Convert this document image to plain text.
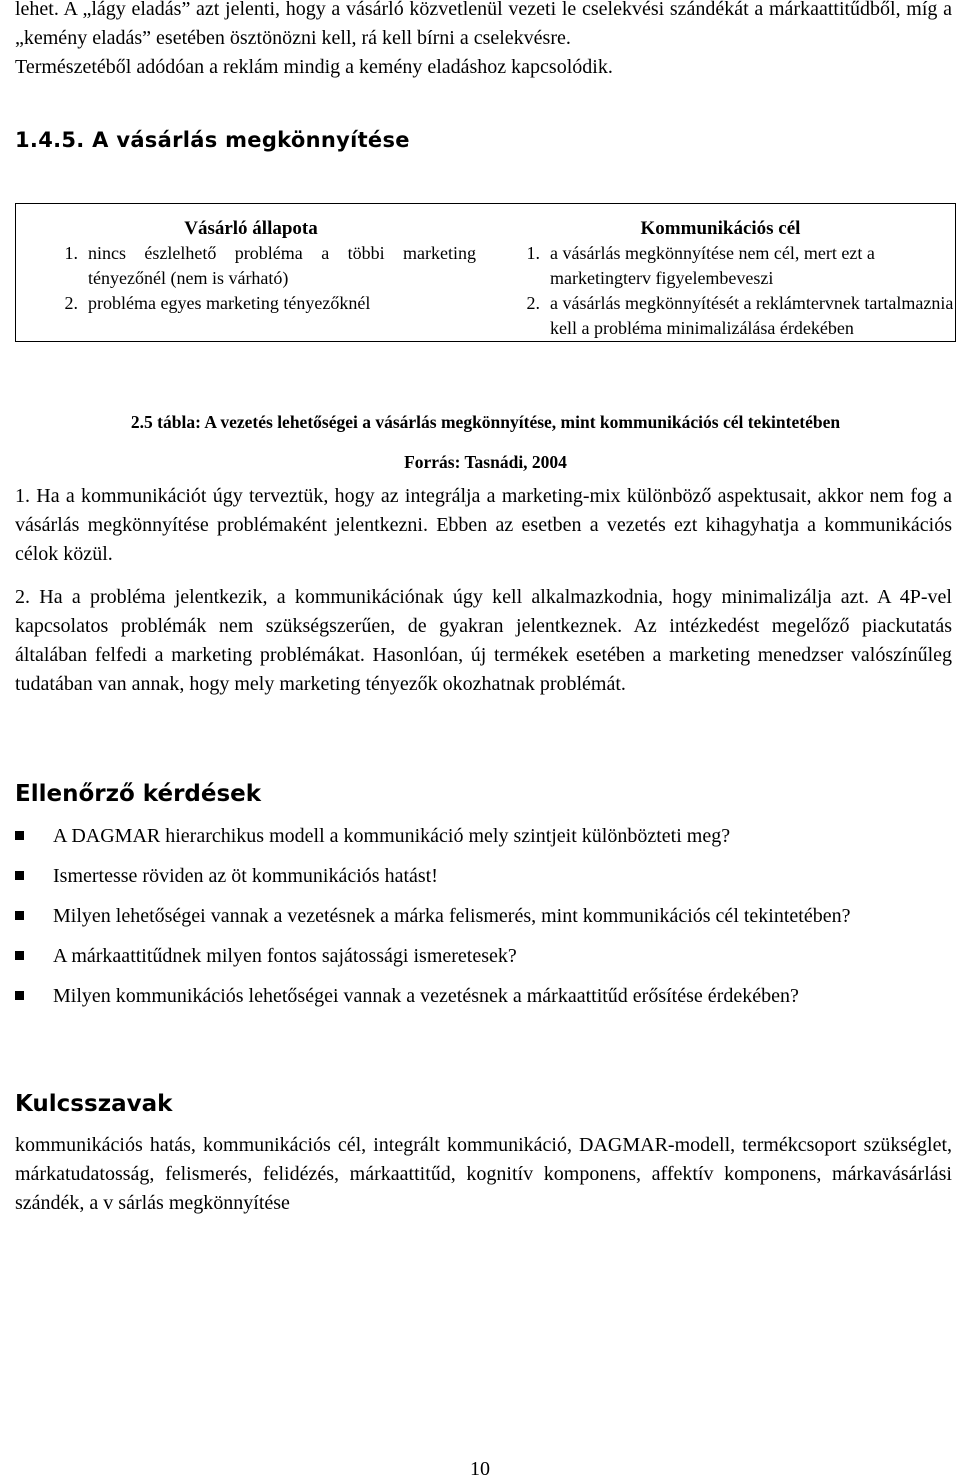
lehet. A „lágy eladás” azt jelenti, hogy a vásárló közvetlenül vezeti le cselekvési szándékát a márkaattitűdből, míg a „kemény eladás” esetében ösztönözni kell, rá kell bírni a cselekvésre.

Természetéből adódóan a reklám mindig a kemény eladáshoz kapcsolódik.

1.4.5. A vásárlás megkönnyítése
Vásárló állapota	Kommunikációs cél

1. nincs észlelhető probléma a többi marketing tényezőnél (nem is várható)	1. a vásárlás megkönnyítése nem cél, mert ezt a marketingterv figyelembeveszi

2. probléma egyes marketing tényezőknél	2. a vásárlás megkönnyítését a reklámtervnek tartalmaznia kell a probléma minimalizálása érdekében
2.5 tábla: A vezetés lehetőségei a vásárlás megkönnyítése, mint kommunikációs cél tekintetében
Forrás: Tasnádi, 2004

1. Ha a kommunikációt úgy terveztük, hogy az integrálja a marketing-mix különböző aspektusait, akkor nem fog a vásárlás megkönnyítése problémaként jelentkezni. Ebben az esetben a vezetés ezt kihagyhatja a kommunikációs célok közül.

2. Ha a probléma jelentkezik, a kommunikációnak úgy kell alkalmazkodnia, hogy minimalizálja azt. A 4P-vel kapcsolatos problémák nem szükségszerűen, de gyakran jelentkeznek. Az intézkedést megelőző piackutatás általában felfedi a marketing problémákat. Hasonlóan, új termékek esetében a marketing menedzser valószínűleg tudatában van annak, hogy mely marketing tényezők okozhatnak problémát.

Ellenőrző kérdések
A DAGMAR hierarchikus modell a kommunikáció mely szintjeit különbözteti meg?
Ismertesse röviden az öt kommunikációs hatást!
Milyen lehetőségei vannak a vezetésnek a márka felismerés, mint kommunikációs cél tekintetében?
A márkaattitűdnek milyen fontos sajátossági ismeretesek?
Milyen kommunikációs lehetőségei vannak a vezetésnek a márkaattitűd erősítése érdekében?
Kulcsszavak

kommunikációs hatás, kommunikációs cél, integrált kommunikáció, DAGMAR-modell, termékcsoport szükséglet, márkatudatosság, felismerés, felidézés, márkaattitűd, kognitív komponens, affektív komponens, márkavásárlási szándék, a v sárlás megkönnyítése

10
